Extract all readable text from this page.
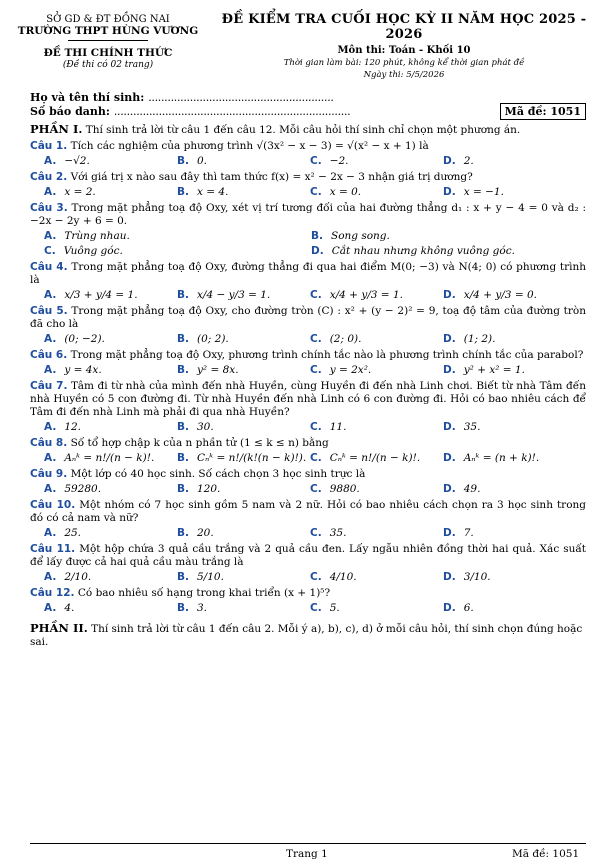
SỞ GD & ĐT ĐỒNG NAI
TRƯỜNG THPT HÙNG VƯƠNG
ĐỀ THI CHÍNH THỨC
(Đề thi có 02 trang)
ĐỀ KIỂM TRA CUỐI HỌC KỲ II NĂM HỌC 2025 - 2026
Môn thi: Toán - Khối 10
Thời gian làm bài: 120 phút, không kể thời gian phát đề
Ngày thi: 5/5/2026
Họ và tên thí sinh: ..........................................................
Số báo danh: ..........................................................................	Mã đề: 1051
PHẦN I. Thí sinh trả lời từ câu 1 đến câu 12. Mỗi câu hỏi thí sinh chỉ chọn một phương án.
Câu 1. Tích các nghiệm của phương trình √(3x² − x − 3) = √(x² − x + 1) là
A. −√2.	B. 0.	C. −2.	D. 2.
Câu 2. Với giá trị x nào sau đây thì tam thức f(x) = x² − 2x − 3 nhận giá trị dương?
A. x = 2.	B. x = 4.	C. x = 0.	D. x = −1.
Câu 3. Trong mặt phẳng toạ độ Oxy, xét vị trí tương đối của hai đường thẳng d₁ : x + y − 4 = 0 và d₂ : −2x − 2y + 6 = 0.
A. Trùng nhau.	B. Song song.
C. Vuông góc.	D. Cắt nhau nhưng không vuông góc.
Câu 4. Trong mặt phẳng toạ độ Oxy, đường thẳng đi qua hai điểm M(0; −3) và N(4; 0) có phương trình là
A. x/3 + y/4 = 1.	B. x/4 − y/3 = 1.	C. x/4 + y/3 = 1.	D. x/4 + y/3 = 0.
Câu 5. Trong mặt phẳng toạ độ Oxy, cho đường tròn (C) : x² + (y − 2)² = 9, toạ độ tâm của đường tròn đã cho là
A. (0; −2).	B. (0; 2).	C. (2; 0).	D. (1; 2).
Câu 6. Trong mặt phẳng toạ độ Oxy, phương trình chính tắc nào là phương trình chính tắc của parabol?
A. y = 4x.	B. y² = 8x.	C. y = 2x².	D. y² + x² = 1.
Câu 7. Tâm đi từ nhà của mình đến nhà Huyền, cùng Huyền đi đến nhà Linh chơi. Biết từ nhà Tâm đến nhà Huyền có 5 con đường đi. Từ nhà Huyền đến nhà Linh có 6 con đường đi. Hỏi có bao nhiêu cách để Tâm đi đến nhà Linh mà phải đi qua nhà Huyền?
A. 12.	B. 30.	C. 11.	D. 35.
Câu 8. Số tổ hợp chập k của n phần tử (1 ≤ k ≤ n) bằng
A. Aₙᵏ = n!/(n − k)!.	B. Cₙᵏ = n!/(k!(n − k)!). C. Cₙᵏ = n!/(n − k)!.	D. Aₙᵏ = (n + k)!.
Câu 9. Một lớp có 40 học sinh. Số cách chọn 3 học sinh trực là
A. 59280.	B. 120.	C. 9880.	D. 49.
Câu 10. Một nhóm có 7 học sinh gồm 5 nam và 2 nữ. Hỏi có bao nhiêu cách chọn ra 3 học sinh trong đó có cả nam và nữ?
A. 25.	B. 20.	C. 35.	D. 7.
Câu 11. Một hộp chứa 3 quả cầu trắng và 2 quả cầu đen. Lấy ngẫu nhiên đồng thời hai quả. Xác suất để lấy được cả hai quả cầu màu trắng là
A. 2/10.	B. 5/10.	C. 4/10.	D. 3/10.
Câu 12. Có bao nhiêu số hạng trong khai triển (x + 1)⁵?
A. 4.	B. 3.	C. 5.	D. 6.
PHẦN II. Thí sinh trả lời từ câu 1 đến câu 2. Mỗi ý a), b), c), d) ở mỗi câu hỏi, thí sinh chọn đúng hoặc sai.
Trang 1	Mã đề: 1051
